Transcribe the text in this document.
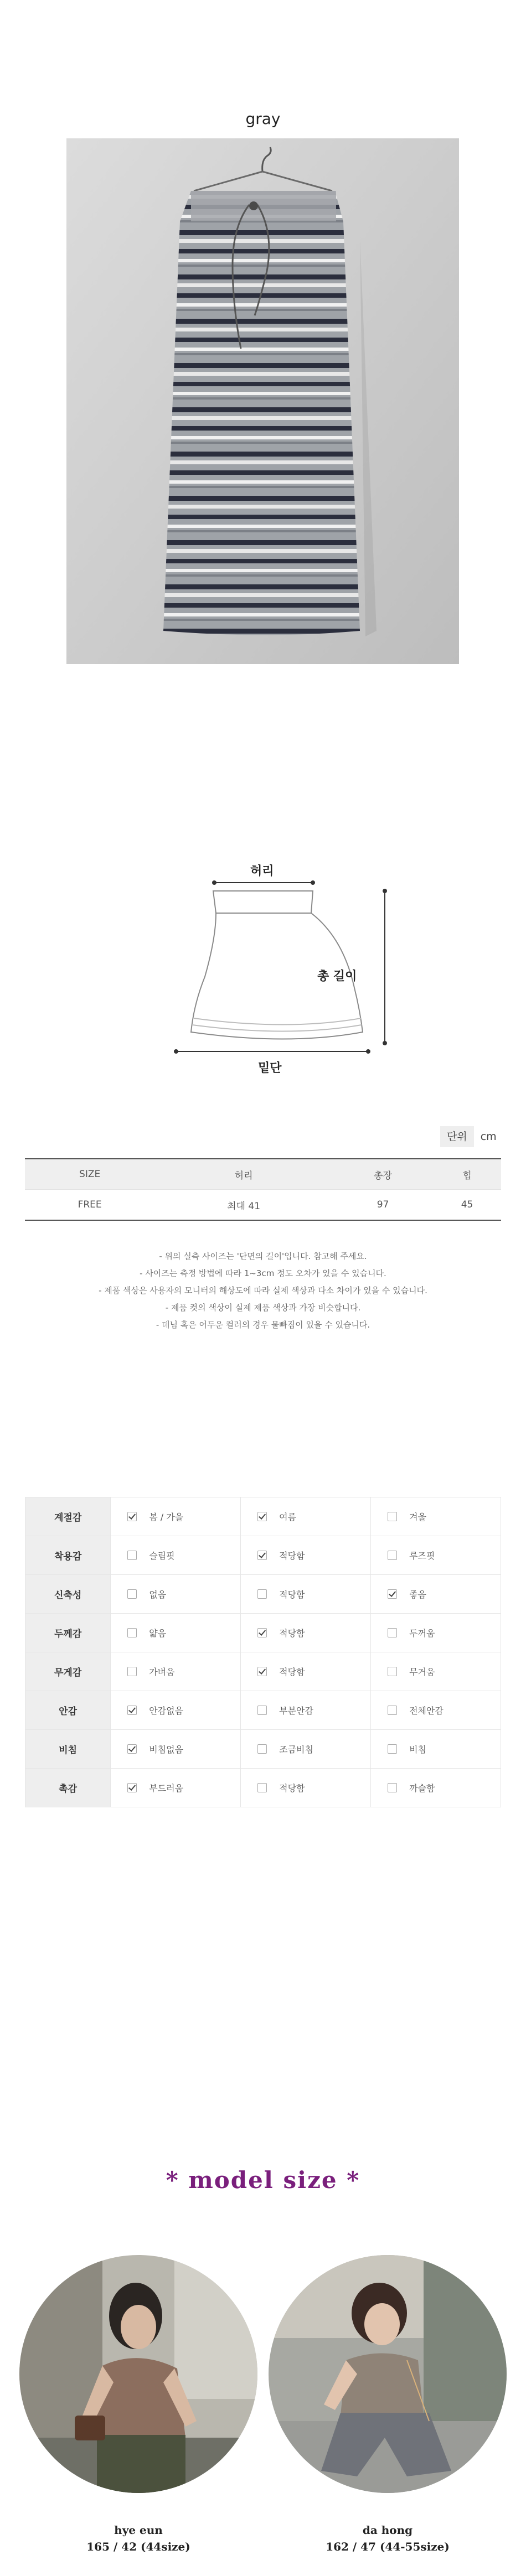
gray
허리
총 길이
밑단
단위	cm
SIZE	허리	총장	힙
FREE	최대 41	97	45
- 위의 실측 사이즈는 '단면의 길이'입니다. 참고해 주세요.
- 사이즈는 측정 방법에 따라 1~3cm 정도 오차가 있을 수 있습니다.
- 제품 색상은 사용자의 모니터의 해상도에 따라 실제 색상과 다소 차이가 있을 수 있습니다.
- 제품 컷의 색상이 실제 제품 색상과 가장 비슷합니다.
- 데님 혹은 어두운 컬러의 경우 물빠짐이 있을 수 있습니다.
계절감	봄 / 가을	여름	겨울
착용감	슬림핏	적당함	루즈핏
신축성	없음	적당함	좋음
두께감	얇음	적당함	두꺼움
무게감	가벼움	적당함	무거움
안감	안감없음	부분안감	전체안감
비침	비침없음	조금비침	비침
촉감	부드러움	적당함	까슬함
* model size *
hye eun
165 / 42 (44size)
da hong
162 / 47 (44-55size)
